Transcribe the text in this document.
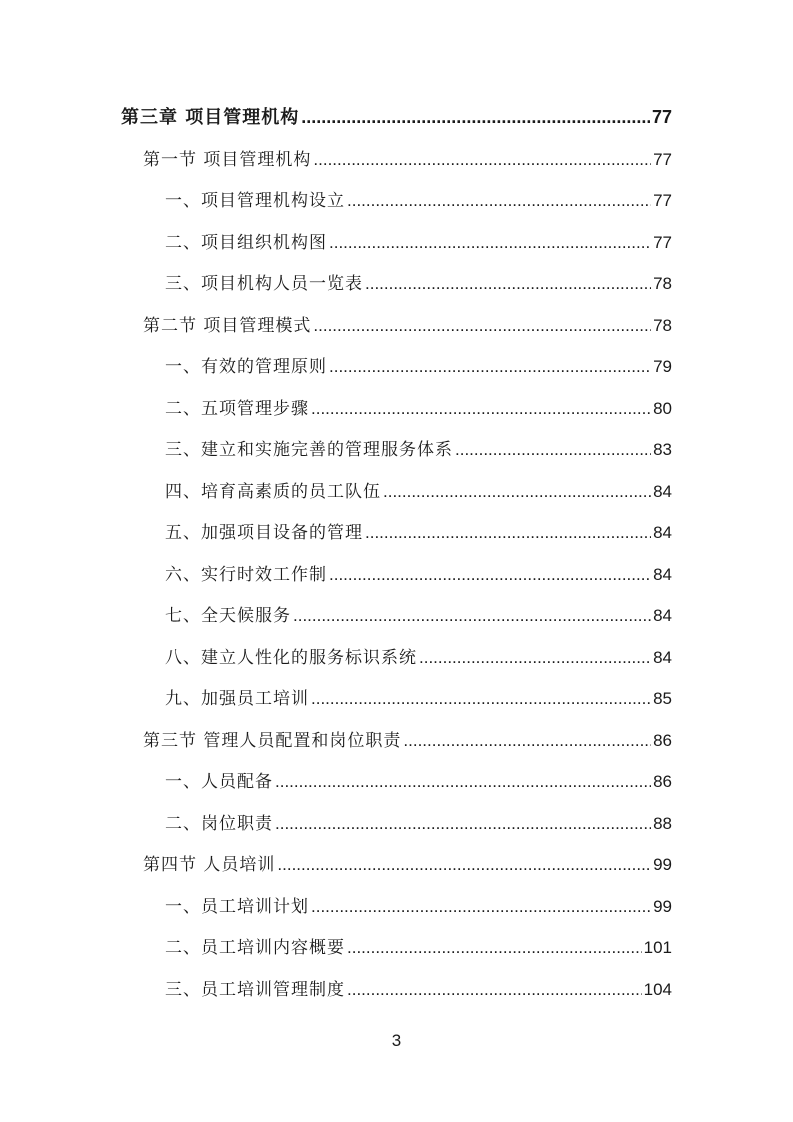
第三章 项目管理机构 .....	77
第一节 项目管理机构 .....	77
一、项目管理机构设立 .....	77
二、项目组织机构图 .....	77
三、项目机构人员一览表 .....	78
第二节 项目管理模式 .....	78
一、有效的管理原则 .....	79
二、五项管理步骤 .....	80
三、建立和实施完善的管理服务体系 .....	83
四、培育高素质的员工队伍 .....	84
五、加强项目设备的管理 .....	84
六、实行时效工作制 .....	84
七、全天候服务 .....	84
八、建立人性化的服务标识系统 .....	84
九、加强员工培训 .....	85
第三节 管理人员配置和岗位职责 .....	86
一、人员配备 .....	86
二、岗位职责 .....	88
第四节 人员培训 .....	99
一、员工培训计划 .....	99
二、员工培训内容概要 .....	101
三、员工培训管理制度 .....	104
3
